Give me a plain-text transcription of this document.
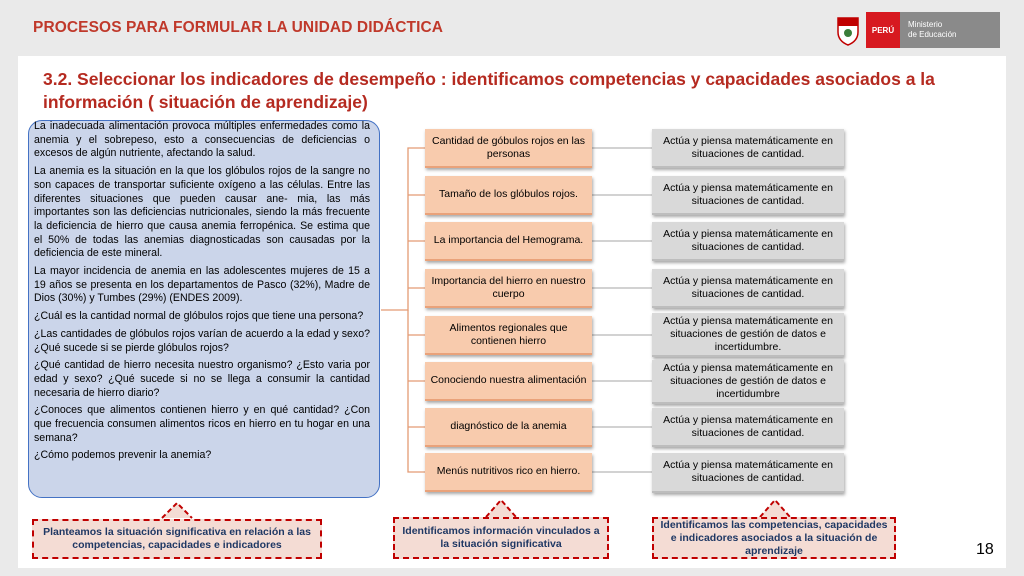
PROCESOS PARA FORMULAR LA UNIDAD DIDÁCTICA	PERÚ
Ministerio
de Educación
3.2. Seleccionar los indicadores de desempeño : identificamos competencias y capacidades asociados a la información ( situación de aprendizaje)

La inadecuada alimentación provoca múltiples enfermedades como la anemia y el sobrepeso, esto a consecuencias de deficiencias o excesos de algún nutriente, afectando la salud.

La anemia es la situación en la que los glóbulos rojos de la sangre no son capaces de transportar suficiente oxígeno a las células. Entre las diferentes situaciones que pueden causar ane- mia, las más importantes son las deficiencias nutricionales, siendo la más frecuente la deficiencia de hierro que causa anemia ferropénica. Se estima que el 50% de todas las anemias diagnosticadas son causadas por la deficiencia de este mineral.

La mayor incidencia de anemia en las adolescentes mujeres de 15 a 19 años se presenta en los departamentos de Pasco (32%), Madre de Dios (30%) y Tumbes (29%) (ENDES 2009).

¿Cuál es la cantidad normal de glóbulos rojos que tiene una persona?

¿Las cantidades de glóbulos rojos varían de acuerdo a la edad y sexo? ¿Qué sucede si se pierde glóbulos rojos?

¿Qué cantidad de hierro necesita nuestro organismo? ¿Esto varia por edad y sexo? ¿Qué sucede si no se llega a consumir la cantidad necesaria de hierro diario?

¿Conoces que alimentos contienen hierro y en qué cantidad? ¿Con que frecuencia consumen alimentos ricos en hierro en tu hogar en una semana?

¿Cómo podemos prevenir la anemia?

Cantidad de góbulos rojos en las personas
Tamaño de los glóbulos rojos.
La importancia del Hemograma.
Importancia del hierro en nuestro cuerpo
Alimentos regionales que contienen hierro
Conociendo nuestra alimentación
diagnóstico de la anemia
Menús nutritivos rico en hierro.
Actúa y piensa matemáticamente en situaciones de cantidad.
Actúa y piensa matemáticamente en situaciones de cantidad.
Actúa y piensa matemáticamente en situaciones de cantidad.
Actúa y piensa matemáticamente en situaciones de cantidad.
Actúa y piensa matemáticamente en situaciones de gestión de datos e incertidumbre.
Actúa y piensa matemáticamente en situaciones de gestión de datos e incertidumbre
Actúa y piensa matemáticamente en situaciones de cantidad.
Actúa y piensa matemáticamente en situaciones de cantidad.
Planteamos la situación significativa en relación a las competencias, capacidades e indicadores
Identificamos información vinculados a la situación significativa
Identificamos las competencias, capacidades e indicadores asociados a la situación de aprendizaje	18
